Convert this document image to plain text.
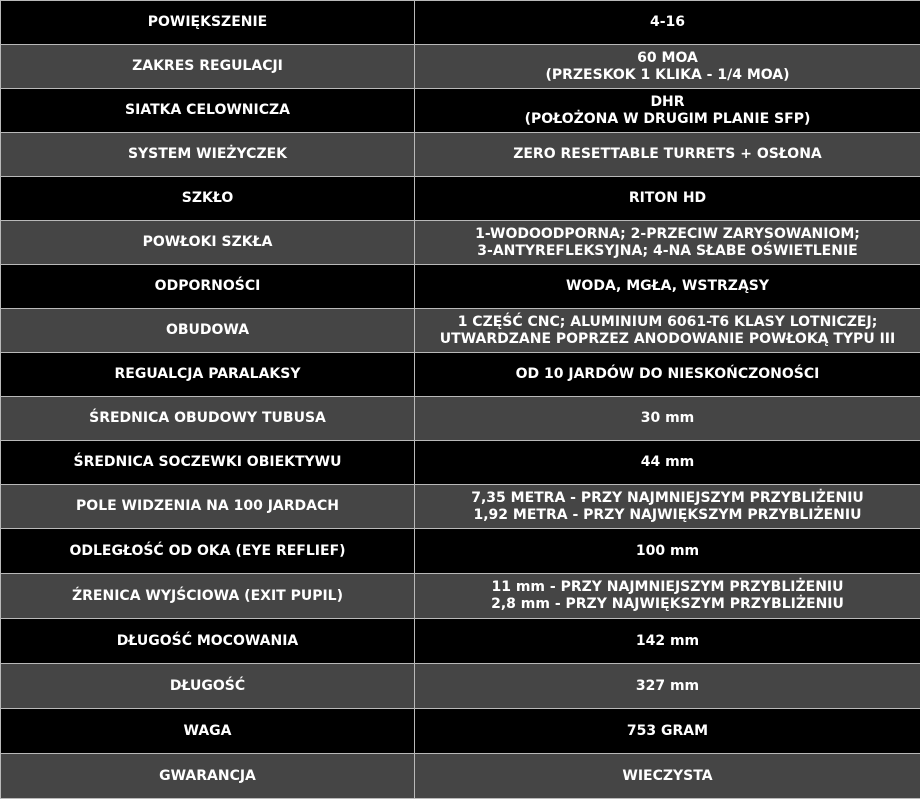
POWIĘKSZENIE	4-16

ZAKRES REGULACJI	60 MOA
(PRZESKOK 1 KLIKA - 1/4 MOA)

SIATKA CELOWNICZA	DHR
(POŁOŻONA W DRUGIM PLANIE SFP)

SYSTEM WIEŻYCZEK	ZERO RESETTABLE TURRETS + OSŁONA

SZKŁO	RITON HD

POWŁOKI SZKŁA	1-WODOODPORNA; 2-PRZECIW ZARYSOWANIOM;
3-ANTYREFLEKSYJNA; 4-NA SŁABE OŚWIETLENIE

ODPORNOŚCI	WODA, MGŁA, WSTRZĄSY

OBUDOWA	1 CZĘŚĆ CNC; ALUMINIUM 6061-T6 KLASY LOTNICZEJ;
UTWARDZANE POPRZEZ ANODOWANIE POWŁOKĄ TYPU III

REGUALCJA PARALAKSY	OD 10 JARDÓW DO NIESKOŃCZONOŚCI

ŚREDNICA OBUDOWY TUBUSA	30 mm

ŚREDNICA SOCZEWKI OBIEKTYWU	44 mm

POLE WIDZENIA NA 100 JARDACH	7,35 METRA - PRZY NAJMNIEJSZYM PRZYBLIŻENIU
1,92 METRA - PRZY NAJWIĘKSZYM PRZYBLIŻENIU

ODLEGŁOŚĆ OD OKA (EYE REFLIEF)	100 mm

ŹRENICA WYJŚCIOWA (EXIT PUPIL)	11 mm - PRZY NAJMNIEJSZYM PRZYBLIŻENIU
2,8 mm - PRZY NAJWIĘKSZYM PRZYBLIŻENIU

DŁUGOŚĆ MOCOWANIA	142 mm

DŁUGOŚĆ	327 mm

WAGA	753 GRAM

GWARANCJA	WIECZYSTA
